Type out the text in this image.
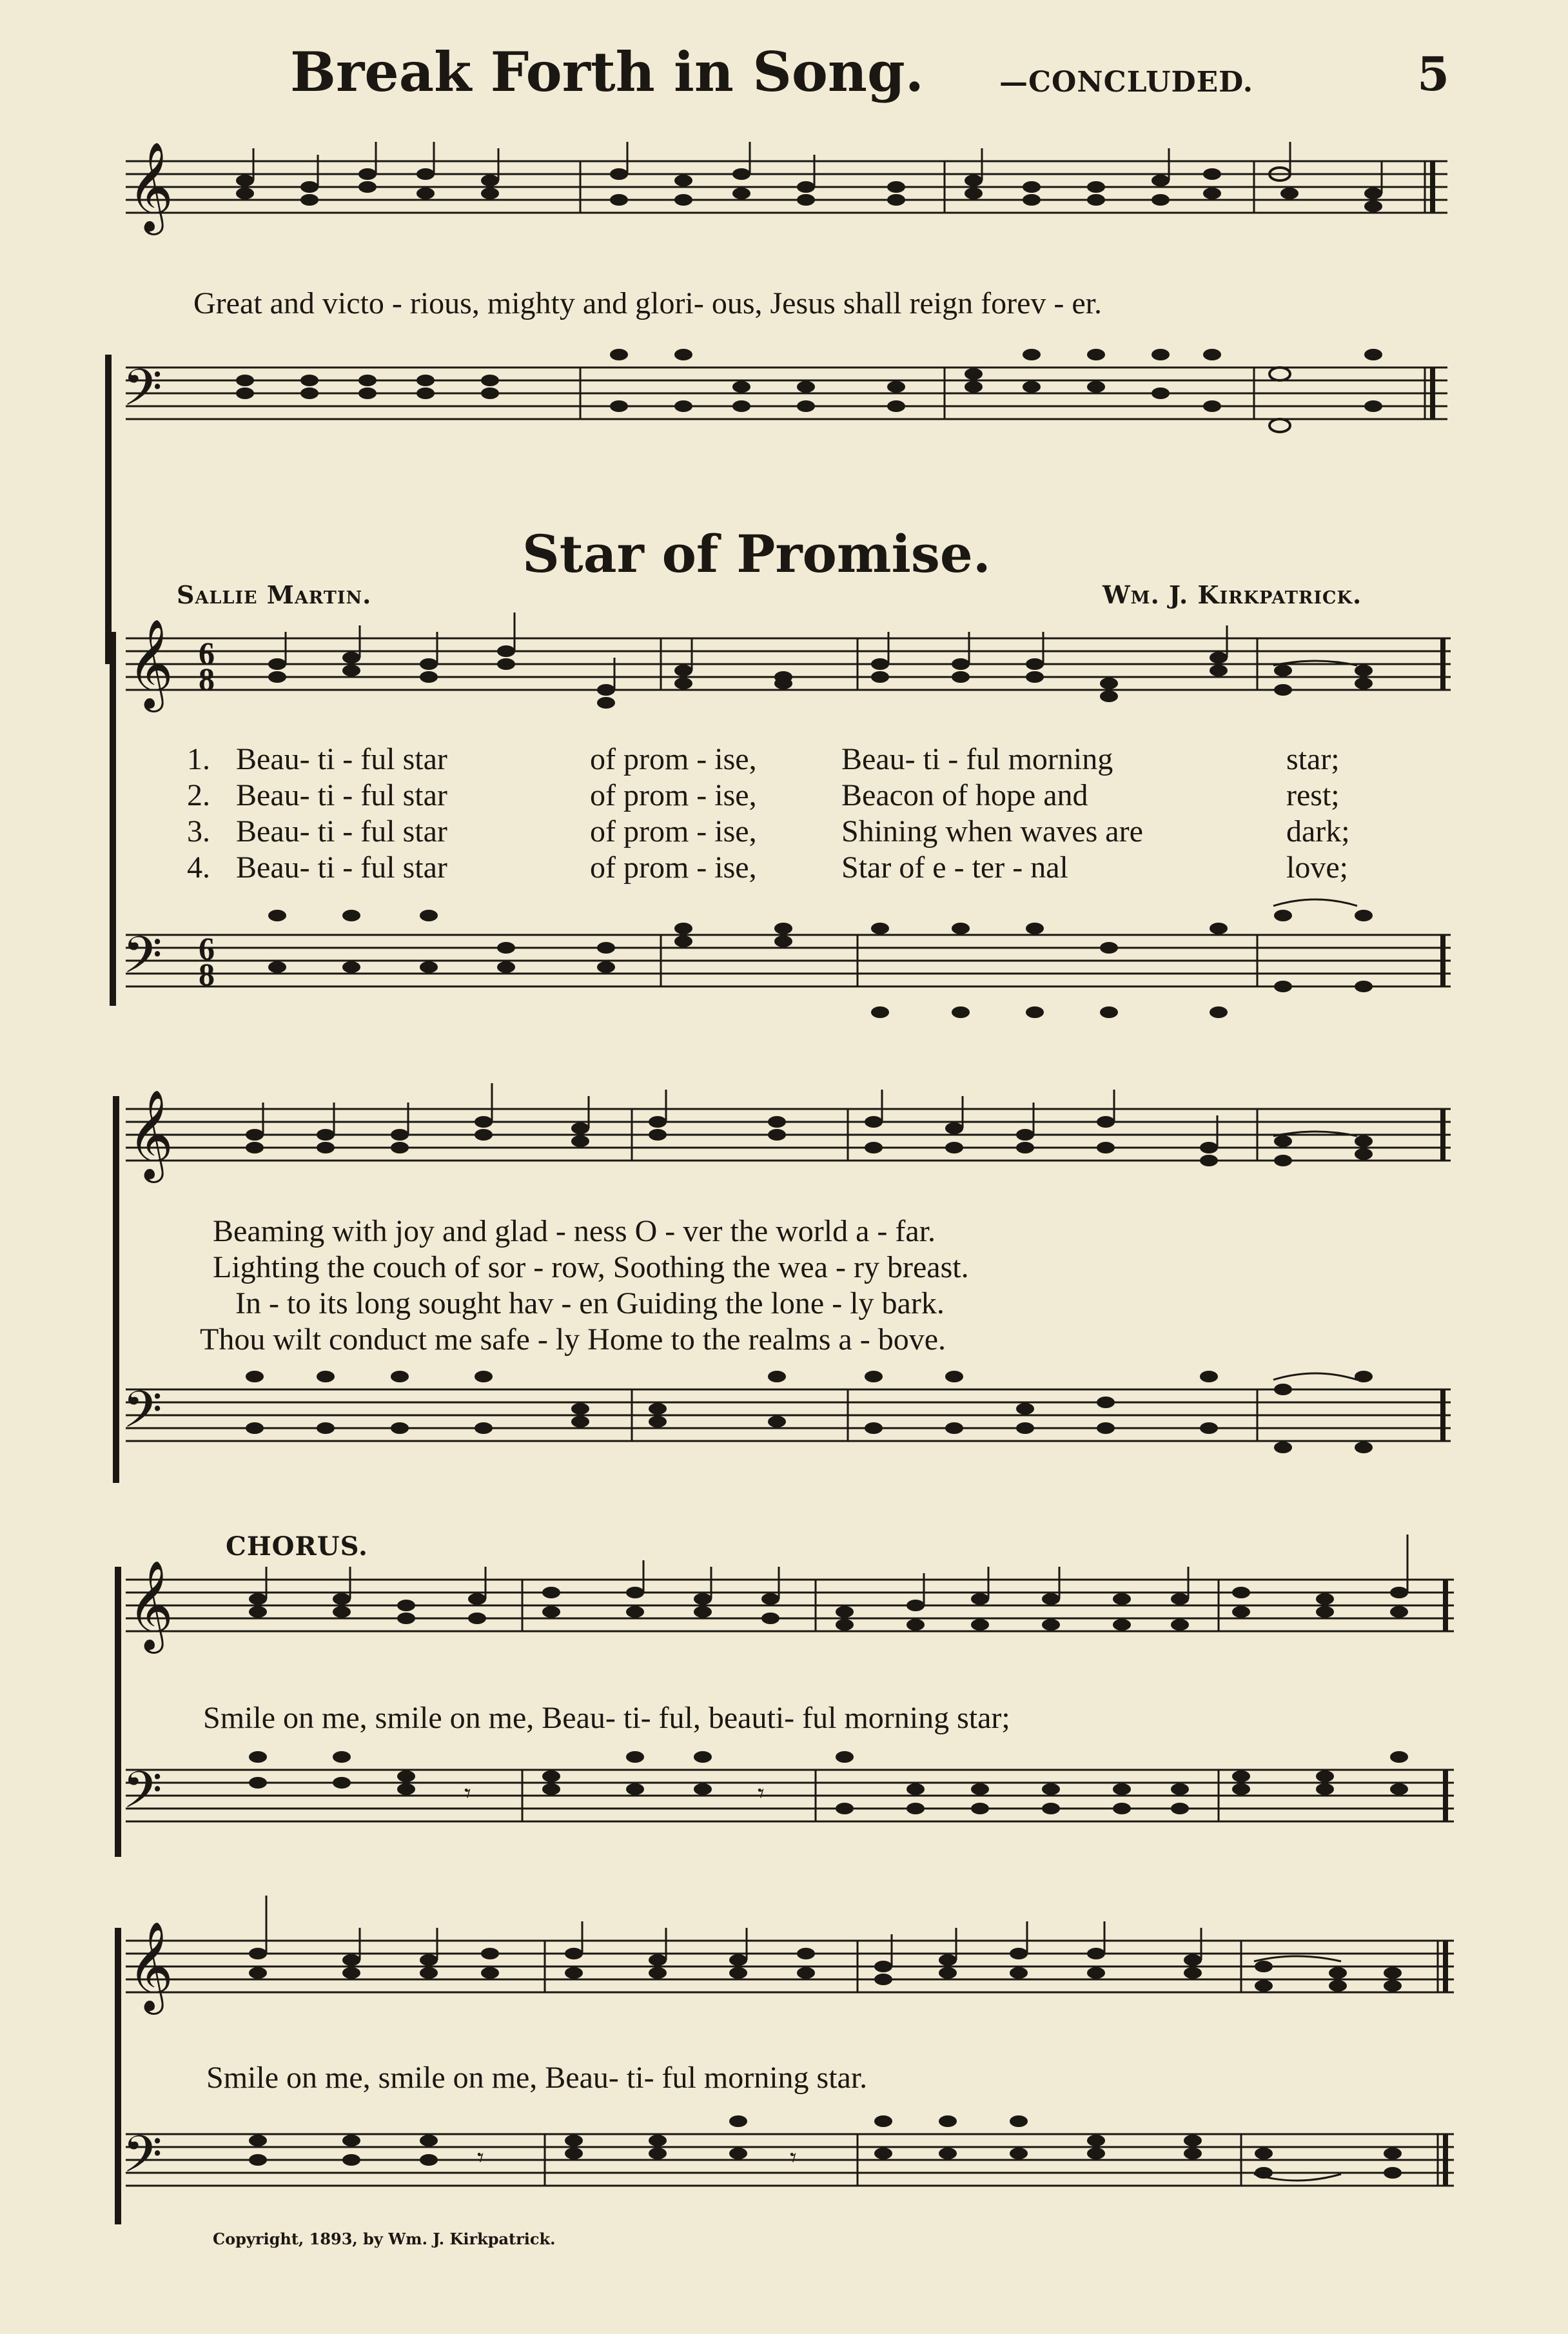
Break Forth in Song.	—CONCLUDED.	5
𝄞
Great and victo - rious, mighty and glori- ous, Jesus shall reign forev - er.
𝄢
Star of Promise.
Sallie Martin.	Wm. J. Kirkpatrick.
𝄞 6
8
1. Beau- ti - ful star	of prom - ise,	Beau- ti - ful morning	star;
2. Beau- ti - ful star	of prom - ise,	Beacon of hope and	rest;
3. Beau- ti - ful star	of prom - ise,	Shining when waves are	dark;
4. Beau- ti - ful star	of prom - ise,	Star of e - ter - nal	love;
𝄢 6
8
𝄞
Beaming with joy and glad - ness O - ver the world a - far.
Lighting the couch of sor - row, Soothing the wea - ry breast.
In - to its long sought hav - en Guiding the lone - ly bark.
Thou wilt conduct me safe - ly Home to the realms a - bove.
𝄢
CHORUS.
𝄞
Smile on me, smile on me, Beau- ti- ful, beauti- ful morning star;
𝄢	𝄾	𝄾
𝄞
Smile on me, smile on me, Beau- ti- ful morning star.
𝄢	𝄾	𝄾
Copyright, 1893, by Wm. J. Kirkpatrick.
